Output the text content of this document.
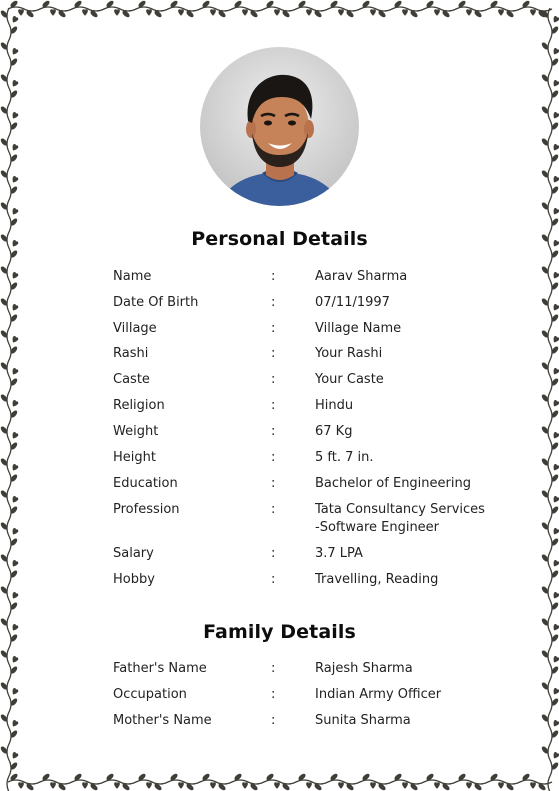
Personal Details
Name	:	Aarav Sharma
Date Of Birth	:	07/11/1997
Village	:	Village Name
Rashi	:	Your Rashi
Caste	:	Your Caste
Religion	:	Hindu
Weight	:	67 Kg
Height	:	5 ft. 7 in.
Education	:	Bachelor of Engineering
Profession	:	Tata Consultancy Services
-Software Engineer
Salary	:	3.7 LPA
Hobby	:	Travelling, Reading
Family Details
Father's Name	:	Rajesh Sharma
Occupation	:	Indian Army Officer
Mother's Name	:	Sunita Sharma
